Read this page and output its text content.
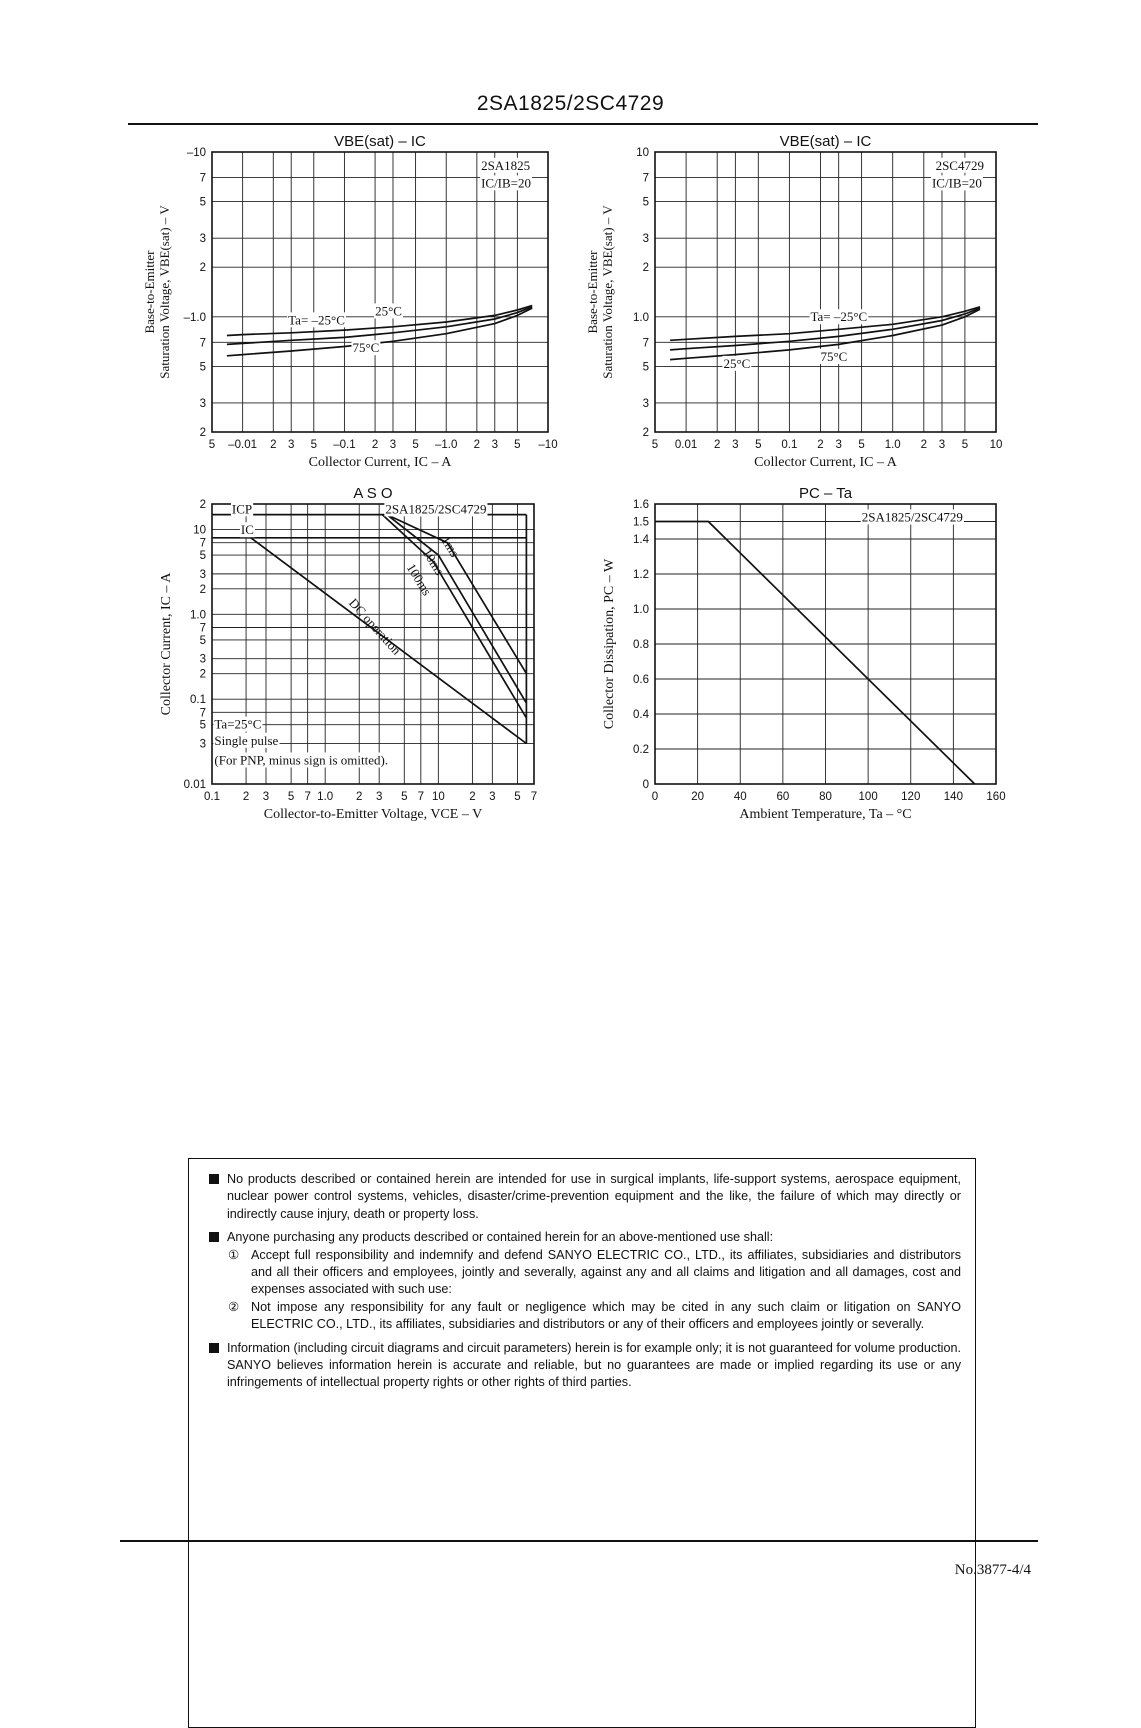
2SA1825/2SC4729
5 –0.01 2 3 5 –0.1 2 3 5 –1.0 2 3 5 –10
2
3
5
7
–1.0
2
3
5
7
–10
2SA1825
IC/IB=20
Ta= –25°C
25°C
75°C
VBE(sat) – IC
Collector Current, IC – A
Base-to-Emitter Saturation Voltage, VBE(sat) – V
5 0.01 2 3 5 0.1 2 3 5 1.0 2 3 5 10
2
3
5
7
1.0
2
3
5
7
10
2SC4729
IC/IB=20
Ta= –25°C
25°C	75°C
VBE(sat) – IC
Collector Current, IC – A
Base-to-Emitter Saturation Voltage, VBE(sat) – V
0.1 2 3 5 7 1.0 2 3 5 7 10 2 3 5 7
0.01
3
5
7
0.1
2
3
5
7
1.0
2
3
5
7
10
2 ICP
IC
2SA1825/2SC4729
1ms
10ms
100ms
DC operation
Ta=25°C
Single pulse
(For PNP, minus sign is omitted).
A S O
Collector-to-Emitter Voltage, VCE – V
Collector Current, IC – A
0	20	40	60	80 100 120 140 160
0
0.2
0.4
0.6
0.8
1.0
1.2
1.4
1.5
1.6
2SA1825/2SC4729
PC – Ta
Ambient Temperature, Ta – °C
Collector Dissipation, PC – W
No products described or contained herein are intended for use in surgical implants, life-support systems, aerospace equipment, nuclear power control systems, vehicles, disaster/crime-prevention equipment and the like, the failure of which may directly or indirectly cause injury, death or property loss.
Anyone purchasing any products described or contained herein for an above-mentioned use shall:
① Accept full responsibility and indemnify and defend SANYO ELECTRIC CO., LTD., its affiliates, subsidiaries and distributors and all their officers and employees, jointly and severally, against any and all claims and litigation and all damages, cost and expenses associated with such use:
② Not impose any responsibility for any fault or negligence which may be cited in any such claim or litigation on SANYO ELECTRIC CO., LTD., its affiliates, subsidiaries and distributors or any of their officers and employees jointly or severally.
Information (including circuit diagrams and circuit parameters) herein is for example only; it is not guaranteed for volume production. SANYO believes information herein is accurate and reliable, but no guarantees are made or implied regarding its use or any infringements of intellectual property rights or other rights of third parties.
No.3877-4/4
